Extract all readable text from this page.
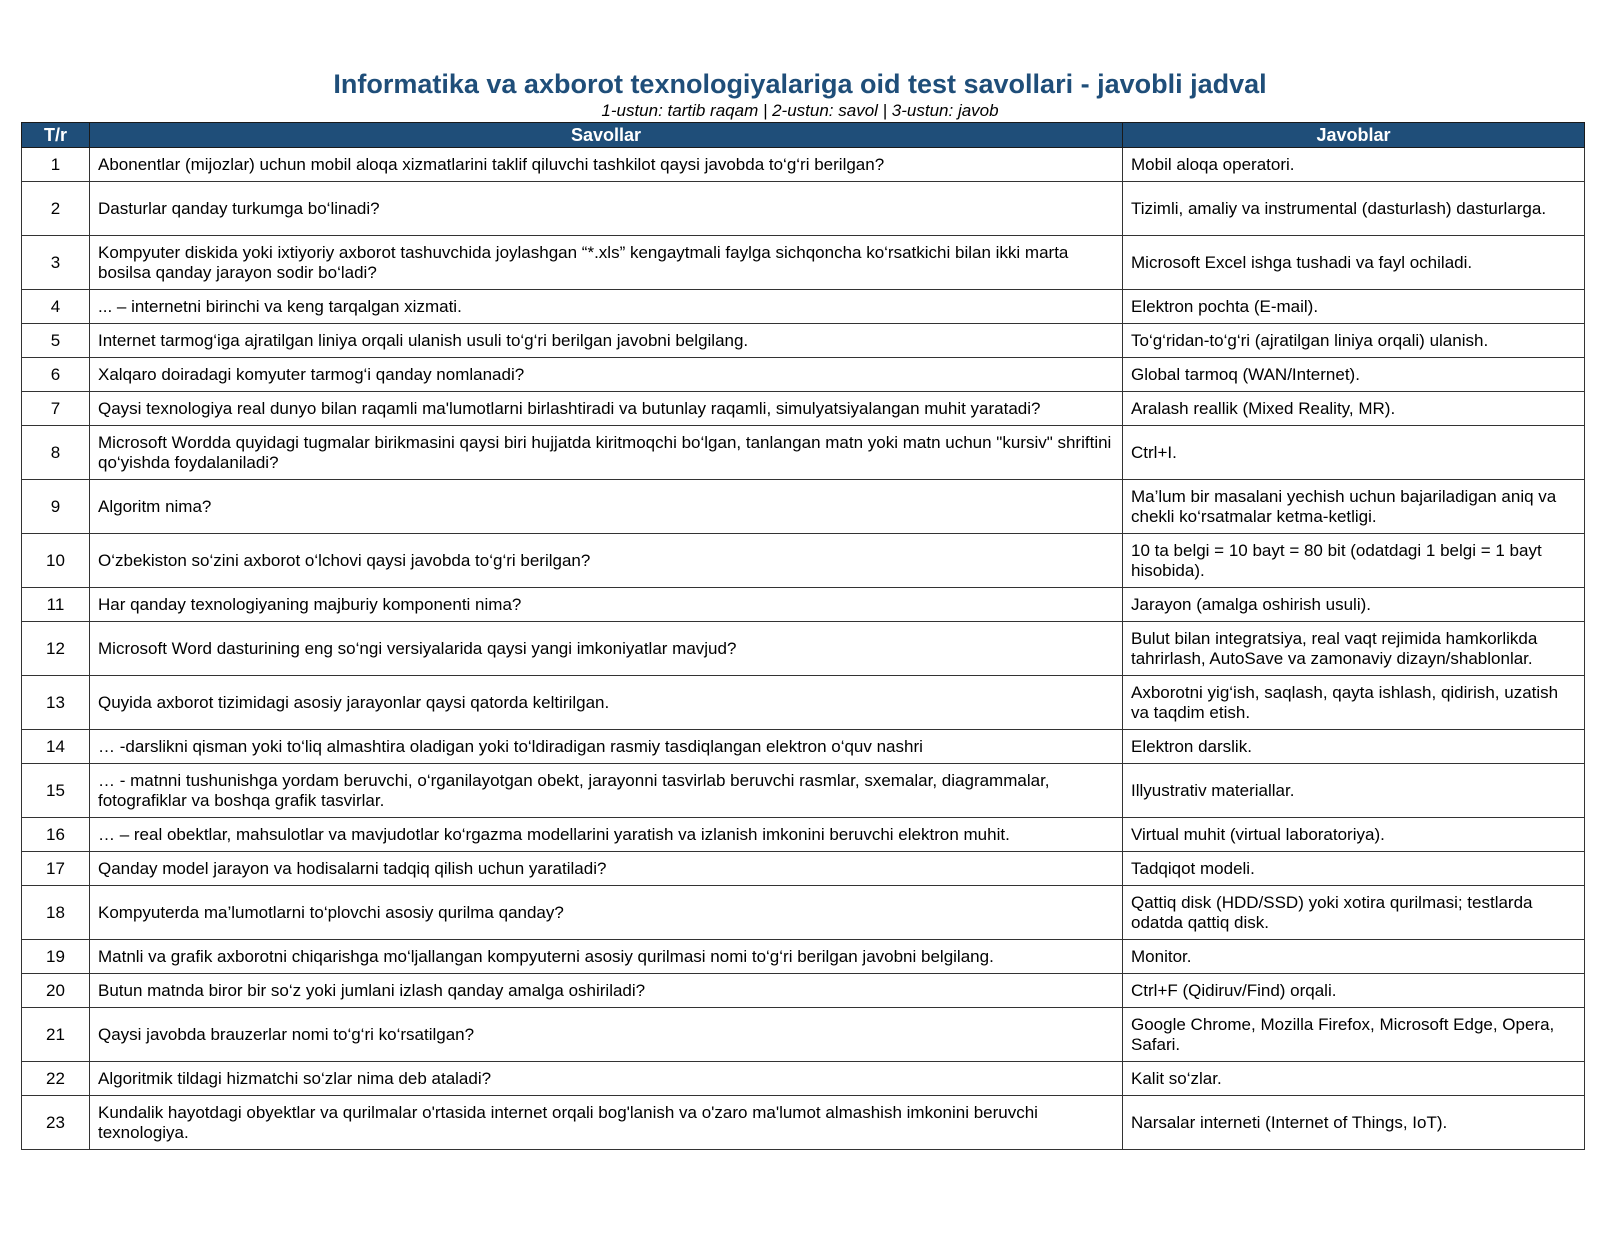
Informatika va axborot texnologiyalariga oid test savollari - javobli jadval
1-ustun: tartib raqam | 2-ustun: savol | 3-ustun: javob
T/r	Savollar	Javoblar
1	Abonentlar (mijozlar) uchun mobil aloqa xizmatlarini taklif qiluvchi tashkilot qaysi javobda to‘g‘ri berilgan?	Mobil aloqa operatori.
2	Dasturlar qanday turkumga bo‘linadi?	Tizimli, amaliy va instrumental (dasturlash) dasturlarga.
3	Kompyuter diskida yoki ixtiyoriy axborot tashuvchida joylashgan “*.xls” kengaytmali faylga sichqoncha ko‘rsatkichi bilan ikki marta bosilsa qanday jarayon sodir bo‘ladi?	Microsoft Excel ishga tushadi va fayl ochiladi.
4	... – internetni birinchi va keng tarqalgan xizmati.	Elektron pochta (E-mail).
5	Internet tarmog‘iga ajratilgan liniya orqali ulanish usuli to‘g‘ri berilgan javobni belgilang.	To‘g‘ridan-to‘g‘ri (ajratilgan liniya orqali) ulanish.
6	Xalqaro doiradagi komyuter tarmog‘i qanday nomlanadi?	Global tarmoq (WAN/Internet).
7	Qaysi texnologiya real dunyo bilan raqamli ma'lumotlarni birlashtiradi va butunlay raqamli, simulyatsiyalangan muhit yaratadi?	Aralash reallik (Mixed Reality, MR).
8	Microsoft Wordda quyidagi tugmalar birikmasini qaysi biri hujjatda kiritmoqchi bo‘lgan, tanlangan matn yoki matn uchun "kursiv" shriftini qo‘yishda foydalaniladi?	Ctrl+I.
9	Algoritm nima?	Ma’lum bir masalani yechish uchun bajariladigan aniq va chekli ko‘rsatmalar ketma-ketligi.
10	O‘zbekiston so‘zini axborot o‘lchovi qaysi javobda to‘g‘ri berilgan?	10 ta belgi = 10 bayt = 80 bit (odatdagi 1 belgi = 1 bayt hisobida).
11	Har qanday texnologiyaning majburiy komponenti nima?	Jarayon (amalga oshirish usuli).
12	Microsoft Word dasturining eng so‘ngi versiyalarida qaysi yangi imkoniyatlar mavjud?	Bulut bilan integratsiya, real vaqt rejimida hamkorlikda tahrirlash, AutoSave va zamonaviy dizayn/shablonlar.
13	Quyida axborot tizimidagi asosiy jarayonlar qaysi qatorda keltirilgan.	Axborotni yig‘ish, saqlash, qayta ishlash, qidirish, uzatish va taqdim etish.
14	… -darslikni qisman yoki to‘liq almashtira oladigan yoki to‘ldiradigan rasmiy tasdiqlangan elektron o‘quv nashri	Elektron darslik.
15	… - matnni tushunishga yordam beruvchi, o‘rganilayotgan obekt, jarayonni tasvirlab beruvchi rasmlar, sxemalar, diagrammalar, fotografiklar va boshqa grafik tasvirlar.	Illyustrativ materiallar.
16	… – real obektlar, mahsulotlar va mavjudotlar ko‘rgazma modellarini yaratish va izlanish imkonini beruvchi elektron muhit.	Virtual muhit (virtual laboratoriya).
17	Qanday model jarayon va hodisalarni tadqiq qilish uchun yaratiladi?	Tadqiqot modeli.
18	Kompyuterda ma’lumotlarni to‘plovchi asosiy qurilma qanday?	Qattiq disk (HDD/SSD) yoki xotira qurilmasi; testlarda odatda qattiq disk.
19	Matnli va grafik axborotni chiqarishga mo‘ljallangan kompyuterni asosiy qurilmasi nomi to‘g‘ri berilgan javobni belgilang.	Monitor.
20	Butun matnda biror bir so‘z yoki jumlani izlash qanday amalga oshiriladi?	Ctrl+F (Qidiruv/Find) orqali.
21	Qaysi javobda brauzerlar nomi to‘g‘ri ko‘rsatilgan?	Google Chrome, Mozilla Firefox, Microsoft Edge, Opera, Safari.
22	Algoritmik tildagi hizmatchi so‘zlar nima deb ataladi?	Kalit so‘zlar.
23	Kundalik hayotdagi obyektlar va qurilmalar o'rtasida internet orqali bog'lanish va o'zaro ma'lumot almashish imkonini beruvchi texnologiya.	Narsalar interneti (Internet of Things, IoT).
